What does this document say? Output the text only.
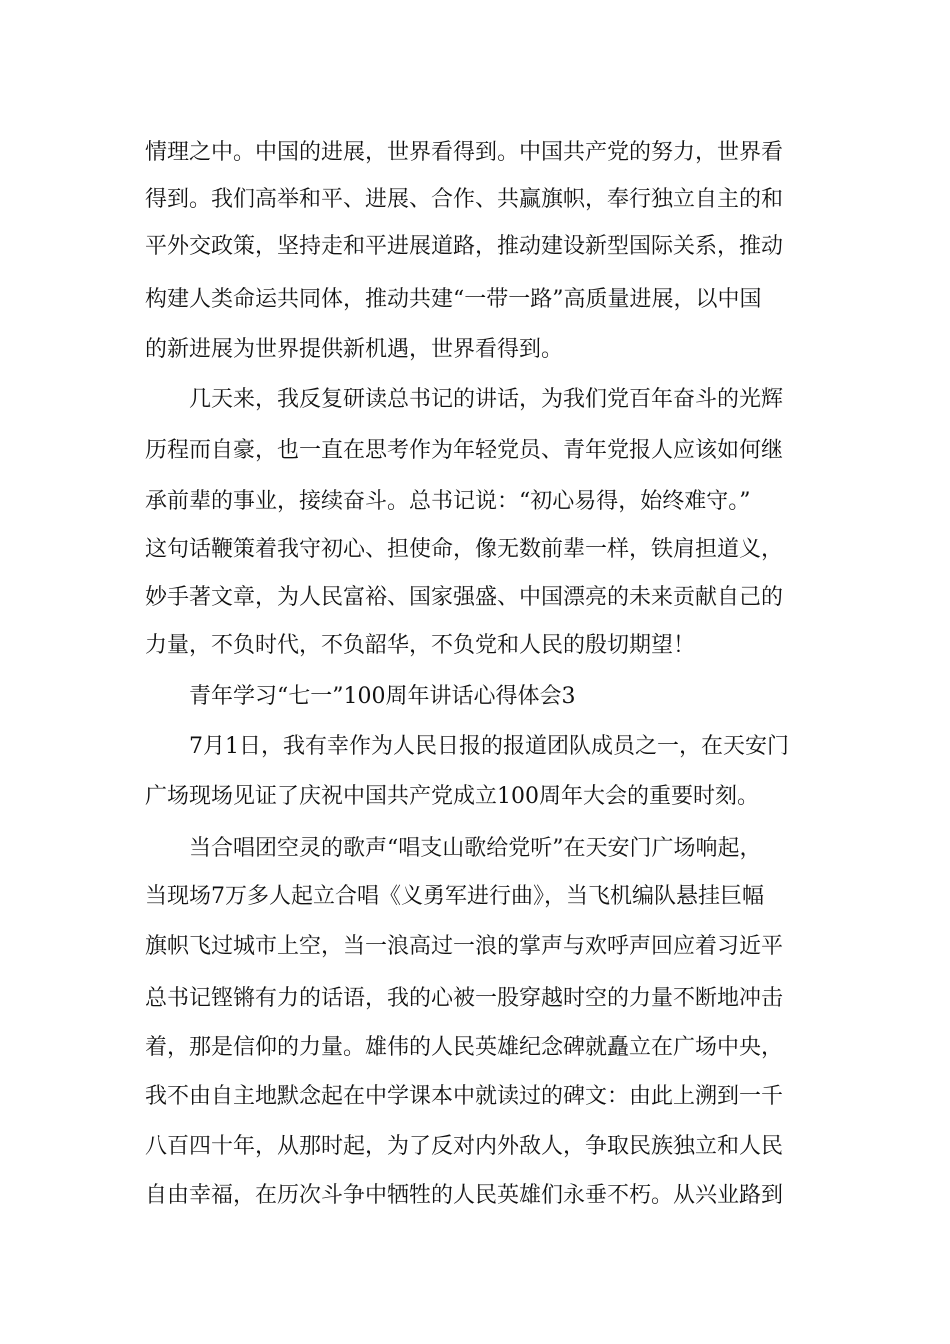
情理之中。中国的进展，世界看得到。中国共产党的努力，世界看
得到。我们高举和平、进展、合作、共赢旗帜，奉行独立自主的和
平外交政策，坚持走和平进展道路，推动建设新型国际关系，推动
构建人类命运共同体，推动共建“一带一路”高质量进展，以中国
的新进展为世界提供新机遇，世界看得到。
几天来，我反复研读总书记的讲话，为我们党百年奋斗的光辉
历程而自豪，也一直在思考作为年轻党员、青年党报人应该如何继
承前辈的事业，接续奋斗。总书记说：“初心易得，始终难守。”
这句话鞭策着我守初心、担使命，像无数前辈一样，铁肩担道义，
妙手著文章，为人民富裕、国家强盛、中国漂亮的未来贡献自己的
力量，不负时代，不负韶华，不负党和人民的殷切期望！
青年学习“七一”100周年讲话心得体会3
7月1日，我有幸作为人民日报的报道团队成员之一，在天安门
广场现场见证了庆祝中国共产党成立100周年大会的重要时刻。
当合唱团空灵的歌声“唱支山歌给党听”在天安门广场响起，
当现场7万多人起立合唱《义勇军进行曲》，当飞机编队悬挂巨幅
旗帜飞过城市上空，当一浪高过一浪的掌声与欢呼声回应着习近平
总书记铿锵有力的话语，我的心被一股穿越时空的力量不断地冲击
着，那是信仰的力量。雄伟的人民英雄纪念碑就矗立在广场中央，
我不由自主地默念起在中学课本中就读过的碑文：由此上溯到一千
八百四十年，从那时起，为了反对内外敌人，争取民族独立和人民
自由幸福，在历次斗争中牺牲的人民英雄们永垂不朽。从兴业路到
